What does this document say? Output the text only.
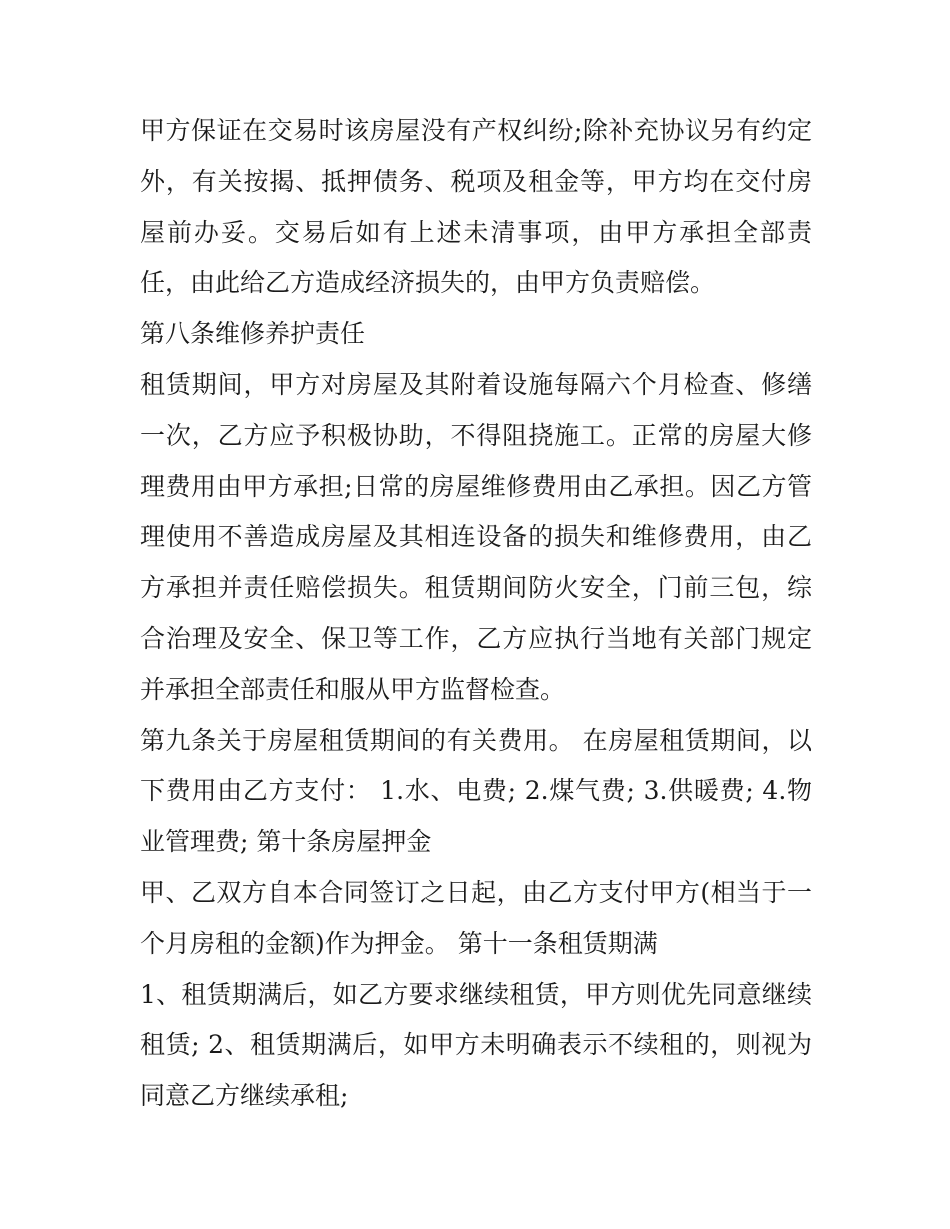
甲方保证在交易时该房屋没有产权纠纷;除补充协议另有约定外，有关按揭、抵押债务、税项及租金等，甲方均在交付房屋前办妥。交易后如有上述未清事项，由甲方承担全部责任，由此给乙方造成经济损失的，由甲方负责赔偿。

第八条维修养护责任

租赁期间，甲方对房屋及其附着设施每隔六个月检查、修缮一次，乙方应予积极协助，不得阻挠施工。正常的房屋大修理费用由甲方承担;日常的房屋维修费用由乙承担。因乙方管理使用不善造成房屋及其相连设备的损失和维修费用，由乙方承担并责任赔偿损失。租赁期间防火安全，门前三包，综合治理及安全、保卫等工作，乙方应执行当地有关部门规定并承担全部责任和服从甲方监督检查。

第九条关于房屋租赁期间的有关费用。 在房屋租赁期间，以下费用由乙方支付： 1.水、电费; 2.煤气费; 3.供暖费; 4.物业管理费; 第十条房屋押金

甲、乙双方自本合同签订之日起，由乙方支付甲方(相当于一个月房租的金额)作为押金。 第十一条租赁期满

1、租赁期满后，如乙方要求继续租赁，甲方则优先同意继续租赁; 2、租赁期满后，如甲方未明确表示不续租的，则视为同意乙方继续承租;
